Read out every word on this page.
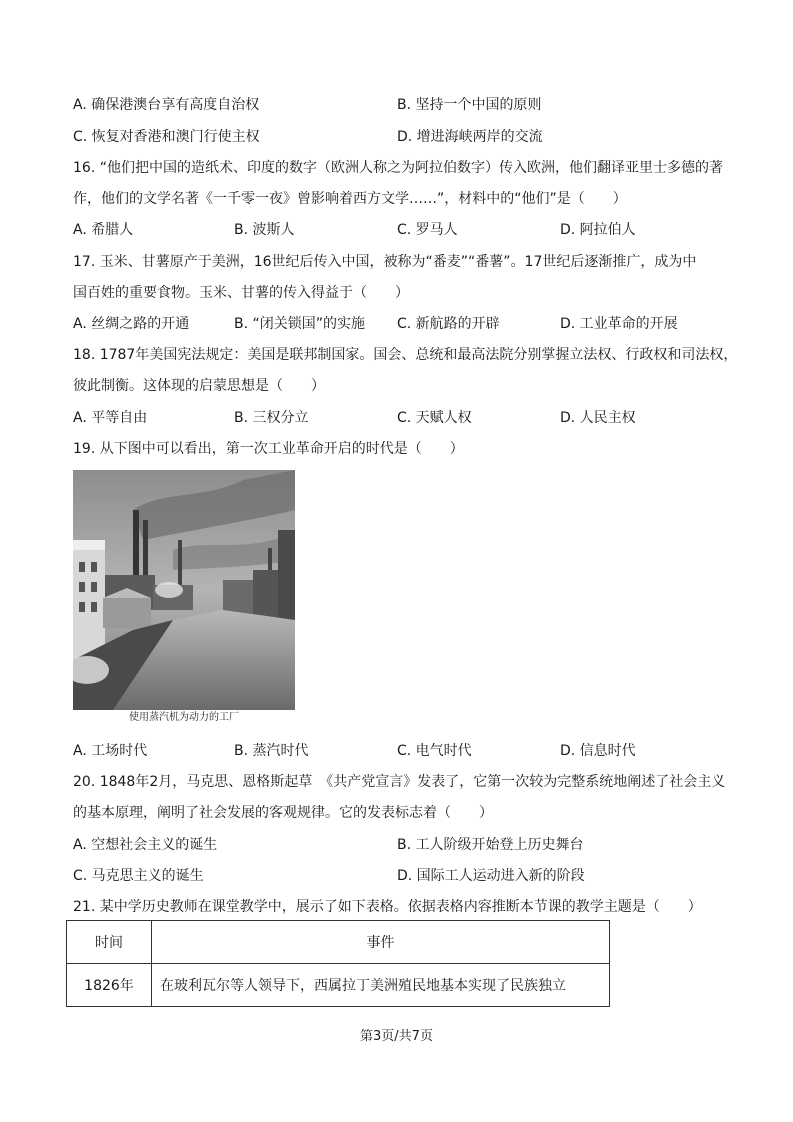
A. 确保港澳台享有高度自治权	B. 坚持一个中国的原则
C. 恢复对香港和澳门行使主权	D. 增进海峡两岸的交流
16. “他们把中国的造纸术、印度的数字（欧洲人称之为阿拉伯数字）传入欧洲，他们翻译亚里士多德的著
作，他们的文学名著《一千零一夜》曾影响着西方文学……”，材料中的“他们”是（　　）
A. 希腊人	B. 波斯人	C. 罗马人	D. 阿拉伯人
17. 玉米、甘薯原产于美洲，16世纪后传入中国，被称为“番麦”“番薯”。17世纪后逐渐推广，成为中
国百姓的重要食物。玉米、甘薯的传入得益于（　　）
A. 丝绸之路的开通	B. “闭关锁国”的实施 C. 新航路的开辟	D. 工业革命的开展
18. 1787年美国宪法规定：美国是联邦制国家。国会、总统和最高法院分别掌握立法权、行政权和司法权，
彼此制衡。这体现的启蒙思想是（　　）
A. 平等自由	B. 三权分立	C. 天赋人权	D. 人民主权
19. 从下图中可以看出，第一次工业革命开启的时代是（　　）
使用蒸汽机为动力的工厂
A. 工场时代	B. 蒸汽时代	C. 电气时代	D. 信息时代
20. 1848年2月，马克思、恩格斯起草　《共产党宣言》发表了，它第一次较为完整系统地阐述了社会主义
的基本原理，阐明了社会发展的客观规律。它的发表标志着（　　）
A. 空想社会主义的诞生	B. 工人阶级开始登上历史舞台
C. 马克思主义的诞生	D. 国际工人运动进入新的阶段
21. 某中学历史教师在课堂教学中，展示了如下表格。依据表格内容推断本节课的教学主题是（　　）
时间	事件
1826年	在玻利瓦尔等人领导下，西属拉丁美洲殖民地基本实现了民族独立
第3页/共7页
